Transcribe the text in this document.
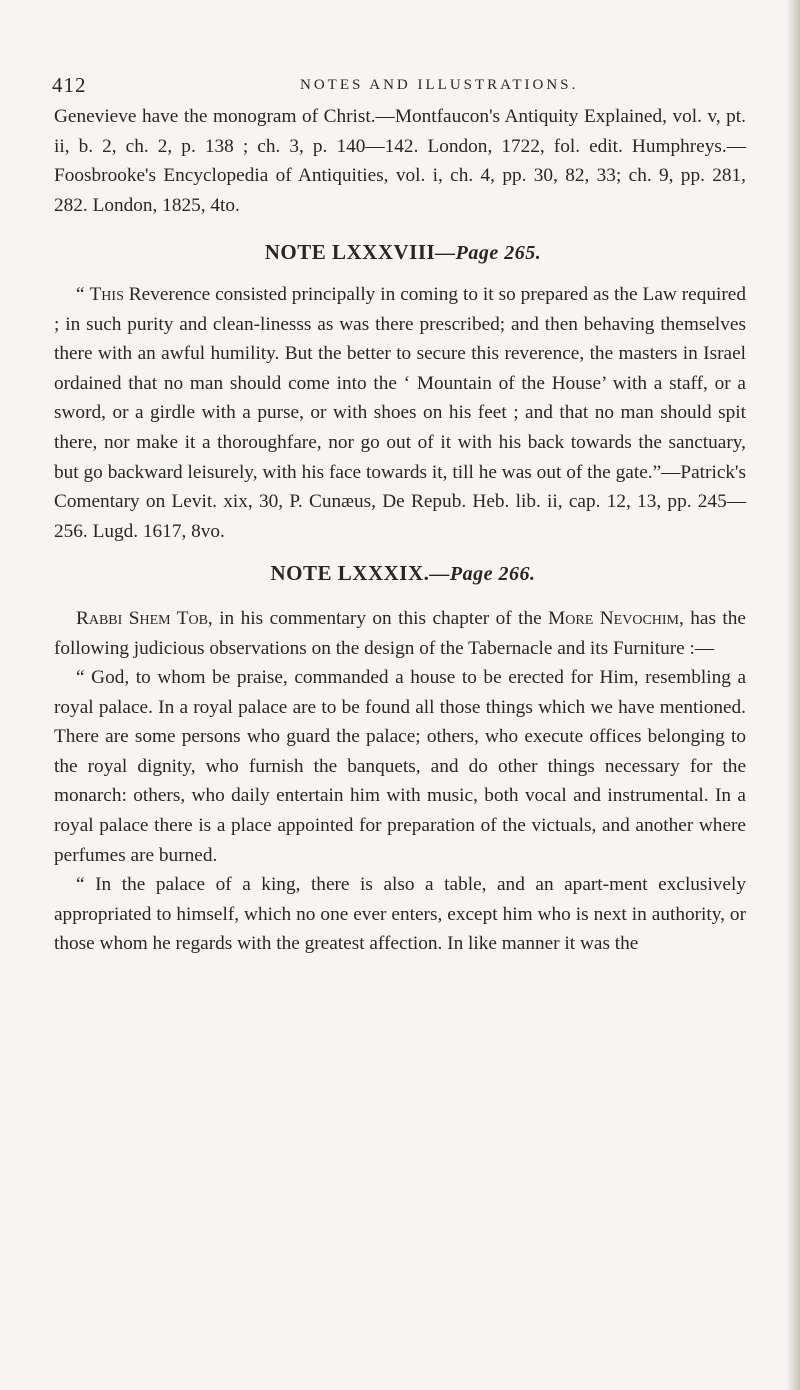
412	NOTES AND ILLUSTRATIONS.

Genevieve have the monogram of Christ.—Montfaucon's Antiquity Explained, vol. v, pt. ii, b. 2, ch. 2, p. 138 ; ch. 3, p. 140—142. London, 1722, fol. edit. Humphreys.—Foosbrooke's Encyclopedia of Antiquities, vol. i, ch. 4, pp. 30, 82, 33; ch. 9, pp. 281, 282. London, 1825, 4to.

NOTE LXXXVIII—Page 265.

“ This Reverence consisted principally in coming to it so prepared as the Law required ; in such purity and clean-linesss as was there prescribed; and then behaving themselves there with an awful humility. But the better to secure this reverence, the masters in Israel ordained that no man should come into the ‘ Mountain of the House’ with a staff, or a sword, or a girdle with a purse, or with shoes on his feet ; and that no man should spit there, nor make it a thoroughfare, nor go out of it with his back towards the sanctuary, but go backward leisurely, with his face towards it, till he was out of the gate.”—Patrick's Comentary on Levit. xix, 30, P. Cunæus, De Repub. Heb. lib. ii, cap. 12, 13, pp. 245—256. Lugd. 1617, 8vo.

NOTE LXXXIX.—Page 266.

Rabbi Shem Tob, in his commentary on this chapter of the More Nevochim, has the following judicious observations on the design of the Tabernacle and its Furniture :—

“ God, to whom be praise, commanded a house to be erected for Him, resembling a royal palace. In a royal palace are to be found all those things which we have mentioned. There are some persons who guard the palace; others, who execute offices belonging to the royal dignity, who furnish the banquets, and do other things necessary for the monarch: others, who daily entertain him with music, both vocal and instrumental. In a royal palace there is a place appointed for preparation of the victuals, and another where perfumes are burned.

“ In the palace of a king, there is also a table, and an apart-ment exclusively appropriated to himself, which no one ever enters, except him who is next in authority, or those whom he regards with the greatest affection. In like manner it was the
